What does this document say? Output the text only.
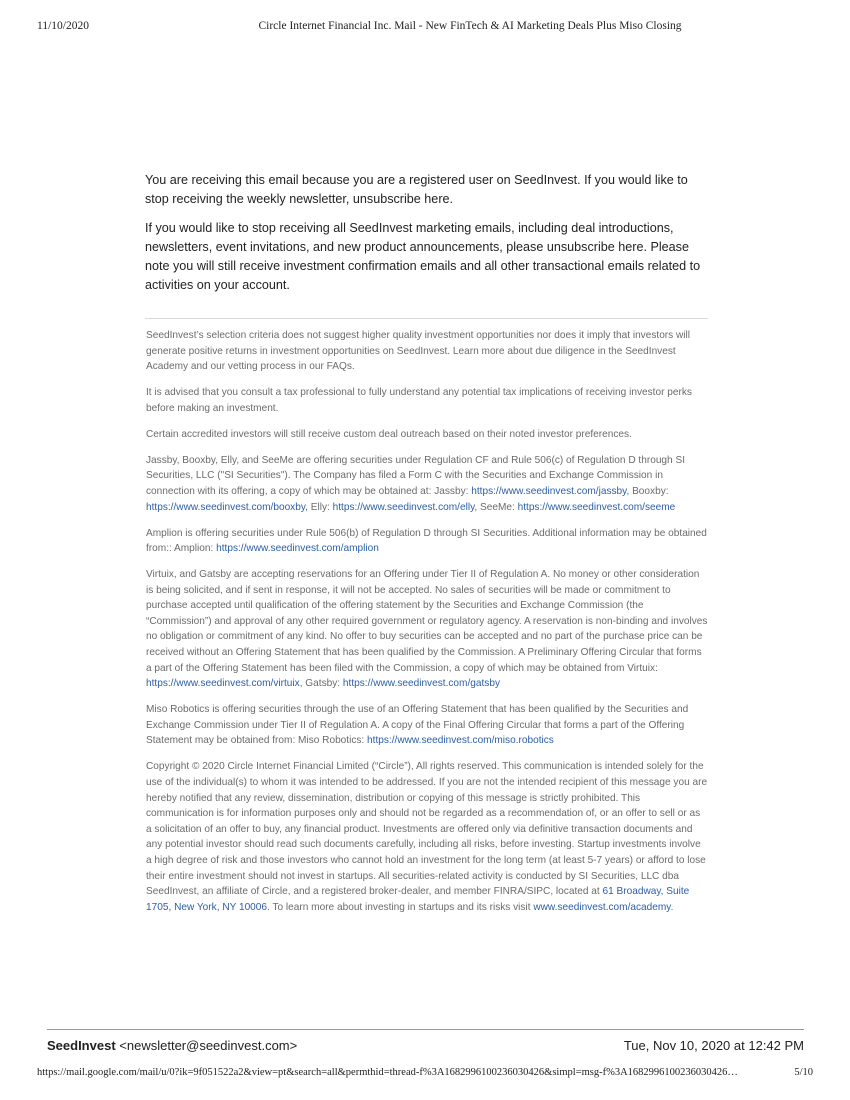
11/10/2020	Circle Internet Financial Inc. Mail - New FinTech & AI Marketing Deals Plus Miso Closing

You are receiving this email because you are a registered user on SeedInvest. If you would like to stop receiving the weekly newsletter, unsubscribe here.

If you would like to stop receiving all SeedInvest marketing emails, including deal introductions, newsletters, event invitations, and new product announcements, please unsubscribe here. Please note you will still receive investment confirmation emails and all other transactional emails related to activities on your account.

SeedInvest’s selection criteria does not suggest higher quality investment opportunities nor does it imply that investors will generate positive returns in investment opportunities on SeedInvest. Learn more about due diligence in the SeedInvest Academy and our vetting process in our FAQs.

It is advised that you consult a tax professional to fully understand any potential tax implications of receiving investor perks before making an investment.

Certain accredited investors will still receive custom deal outreach based on their noted investor preferences.

Jassby, Booxby, Elly, and SeeMe are offering securities under Regulation CF and Rule 506(c) of Regulation D through SI Securities, LLC ("SI Securities"). The Company has filed a Form C with the Securities and Exchange Commission in connection with its offering, a copy of which may be obtained at: Jassby: https://www.seedinvest.com/jassby, Booxby: https://www.seedinvest.com/booxby, Elly: https://www.seedinvest.com/elly, SeeMe: https://www.seedinvest.com/seeme

Amplion is offering securities under Rule 506(b) of Regulation D through SI Securities. Additional information may be obtained from:: Amplion: https://www.seedinvest.com/amplion

Virtuix, and Gatsby are accepting reservations for an Offering under Tier II of Regulation A. No money or other consideration is being solicited, and if sent in response, it will not be accepted. No sales of securities will be made or commitment to purchase accepted until qualification of the offering statement by the Securities and Exchange Commission (the “Commission”) and approval of any other required government or regulatory agency. A reservation is non-binding and involves no obligation or commitment of any kind. No offer to buy securities can be accepted and no part of the purchase price can be received without an Offering Statement that has been qualified by the Commission. A Preliminary Offering Circular that forms a part of the Offering Statement has been filed with the Commission, a copy of which may be obtained from Virtuix: https://www.seedinvest.com/virtuix, Gatsby: https://www.seedinvest.com/gatsby

Miso Robotics is offering securities through the use of an Offering Statement that has been qualified by the Securities and Exchange Commission under Tier II of Regulation A. A copy of the Final Offering Circular that forms a part of the Offering Statement may be obtained from: Miso Robotics: https://www.seedinvest.com/miso.robotics

Copyright © 2020 Circle Internet Financial Limited (“Circle”), All rights reserved. This communication is intended solely for the use of the individual(s) to whom it was intended to be addressed. If you are not the intended recipient of this message you are hereby notified that any review, dissemination, distribution or copying of this message is strictly prohibited. This communication is for information purposes only and should not be regarded as a recommendation of, or an offer to sell or as a solicitation of an offer to buy, any financial product. Investments are offered only via definitive transaction documents and any potential investor should read such documents carefully, including all risks, before investing. Startup investments involve a high degree of risk and those investors who cannot hold an investment for the long term (at least 5-7 years) or afford to lose their entire investment should not invest in startups. All securities-related activity is conducted by SI Securities, LLC dba SeedInvest, an affiliate of Circle, and a registered broker-dealer, and member FINRA/SIPC, located at 61 Broadway, Suite 1705, New York, NY 10006. To learn more about investing in startups and its risks visit www.seedinvest.com/academy.

SeedInvest <newsletter@seedinvest.com>	Tue, Nov 10, 2020 at 12:42 PM
https://mail.google.com/mail/u/0?ik=9f051522a2&view=pt&search=all&permthid=thread-f%3A1682996100236030426&simpl=msg-f%3A1682996100236030426…	5/10
